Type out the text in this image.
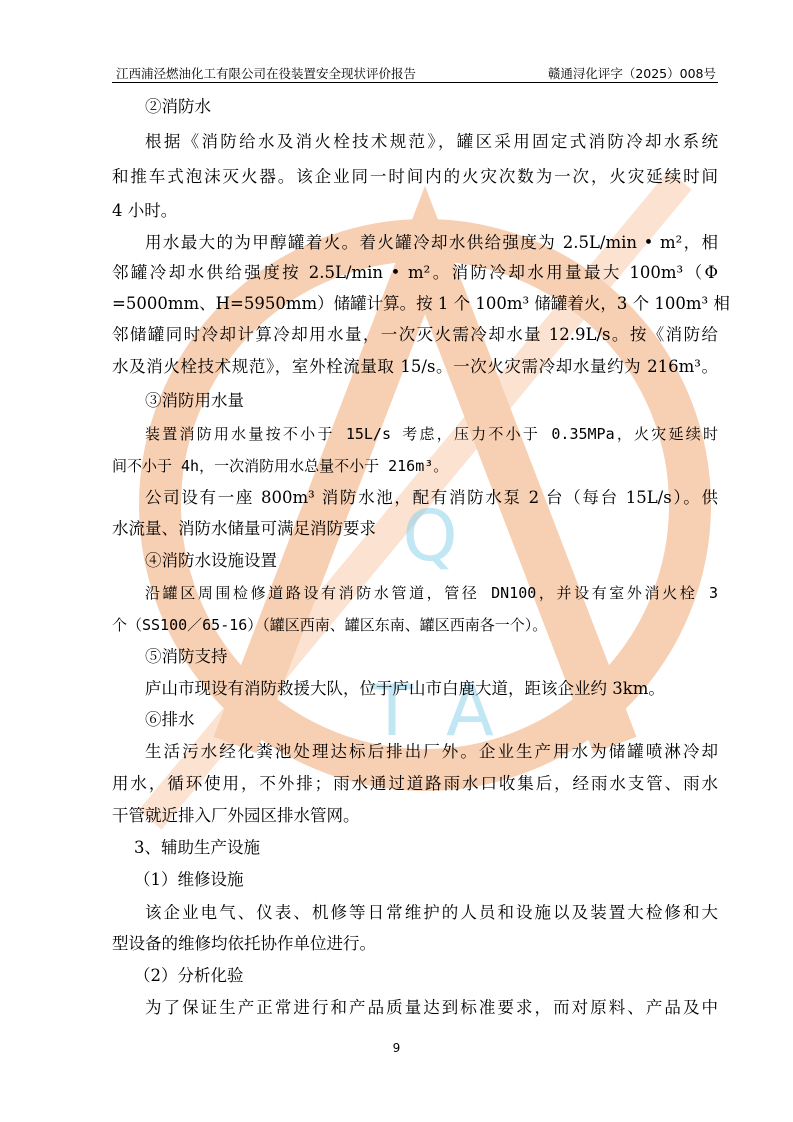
江西浦泾燃油化工有限公司在役装置安全现状评价报告	赣通浔化评字（2025）008号
Q
T A
②消防水
根据《消防给水及消火栓技术规范》，罐区采用固定式消防冷却水系统
和推车式泡沫灭火器。该企业同一时间内的火灾次数为一次，火灾延续时间
4 小时。
用水最大的为甲醇罐着火。着火罐冷却水供给强度为 2.5L/min • m²，相
邻罐冷却水供给强度按 2.5L/min • m²。消防冷却水用量最大 100m³（Φ
=5000mm、H=5950mm）储罐计算。按 1 个 100m³ 储罐着火，3 个 100m³ 相
邻储罐同时冷却计算冷却用水量，一次灭火需冷却水量 12.9L/s。按《消防给
水及消火栓技术规范》，室外栓流量取 15/s。一次火灾需冷却水量约为 216m³。
③消防用水量
装置消防用水量按不小于 15L/s 考虑，压力不小于 0.35MPa，火灾延续时
间不小于 4h，一次消防用水总量不小于 216m³。
公司设有一座 800m³ 消防水池，配有消防水泵 2 台（每台 15L/s）。供
水流量、消防水储量可满足消防要求
④消防水设施设置
沿罐区周围检修道路设有消防水管道，管径 DN100，并设有室外消火栓 3
个（SS100／65-16）（罐区西南、罐区东南、罐区西南各一个）。
⑤消防支持
庐山市现设有消防救援大队，位于庐山市白鹿大道，距该企业约 3km。
⑥排水
生活污水经化粪池处理达标后排出厂外。企业生产用水为储罐喷淋冷却
用水，循环使用，不外排；雨水通过道路雨水口收集后，经雨水支管、雨水
干管就近排入厂外园区排水管网。
3、辅助生产设施
（1）维修设施
该企业电气、仪表、机修等日常维护的人员和设施以及装置大检修和大
型设备的维修均依托协作单位进行。
（2）分析化验
为了保证生产正常进行和产品质量达到标准要求，而对原料、产品及中
9
